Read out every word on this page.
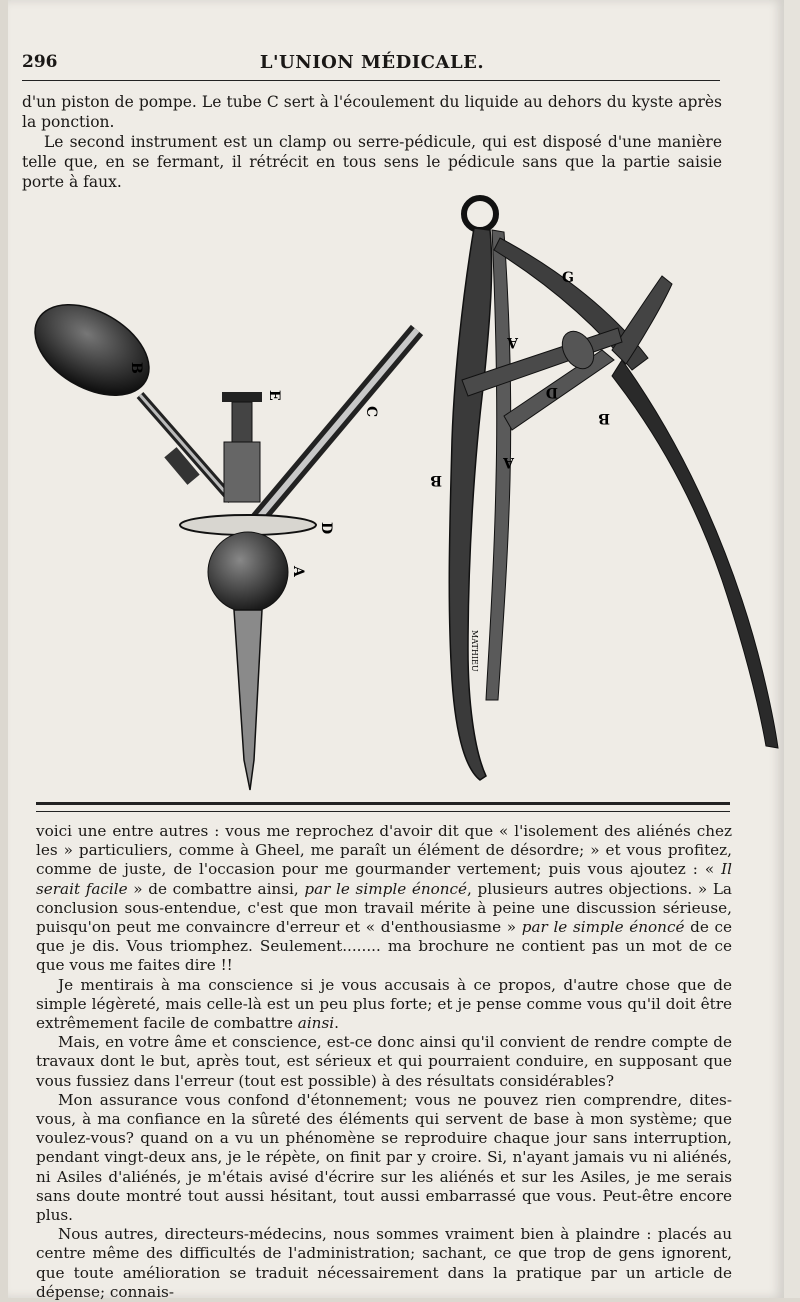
296	L'UNION MÉDICALE.

d'un piston de pompe. Le tube C sert à l'écoulement du liquide au dehors du kyste après la ponction.

Le second instrument est un clamp ou serre-pédicule, qui est disposé d'une manière telle que, en se fermant, il rétrécit en tous sens le pédicule sans que la partie saisie porte à faux.

B
E
C
D
A
G
A
D
B
A
B
MATHIEU

voici une entre autres : vous me reprochez d'avoir dit que « l'isolement des aliénés chez les » particuliers, comme à Gheel, me paraît un élément de désordre; » et vous profitez, comme de juste, de l'occasion pour me gourmander vertement; puis vous ajoutez : « Il serait facile » de combattre ainsi, par le simple énoncé, plusieurs autres objections. » La conclusion sous-entendue, c'est que mon travail mérite à peine une discussion sérieuse, puisqu'on peut me convaincre d'erreur et « d'enthousiasme » par le simple énoncé de ce que je dis. Vous triomphez. Seulement........ ma brochure ne contient pas un mot de ce que vous me faites dire !!

Je mentirais à ma conscience si je vous accusais à ce propos, d'autre chose que de simple légèreté, mais celle-là est un peu plus forte; et je pense comme vous qu'il doit être extrêmement facile de combattre ainsi.

Mais, en votre âme et conscience, est-ce donc ainsi qu'il convient de rendre compte de travaux dont le but, après tout, est sérieux et qui pourraient conduire, en supposant que vous fussiez dans l'erreur (tout est possible) à des résultats considérables?

Mon assurance vous confond d'étonnement; vous ne pouvez rien comprendre, dites-vous, à ma confiance en la sûreté des éléments qui servent de base à mon système; que voulez-vous? quand on a vu un phénomène se reproduire chaque jour sans interruption, pendant vingt-deux ans, je le répète, on finit par y croire. Si, n'ayant jamais vu ni aliénés, ni Asiles d'aliénés, je m'étais avisé d'écrire sur les aliénés et sur les Asiles, je me serais sans doute montré tout aussi hésitant, tout aussi embarrassé que vous. Peut-être encore plus.

Nous autres, directeurs-médecins, nous sommes vraiment bien à plaindre : placés au centre même des difficultés de l'administration; sachant, ce que trop de gens ignorent, que toute amélioration se traduit nécessairement dans la pratique par un article de dépense; connais-
